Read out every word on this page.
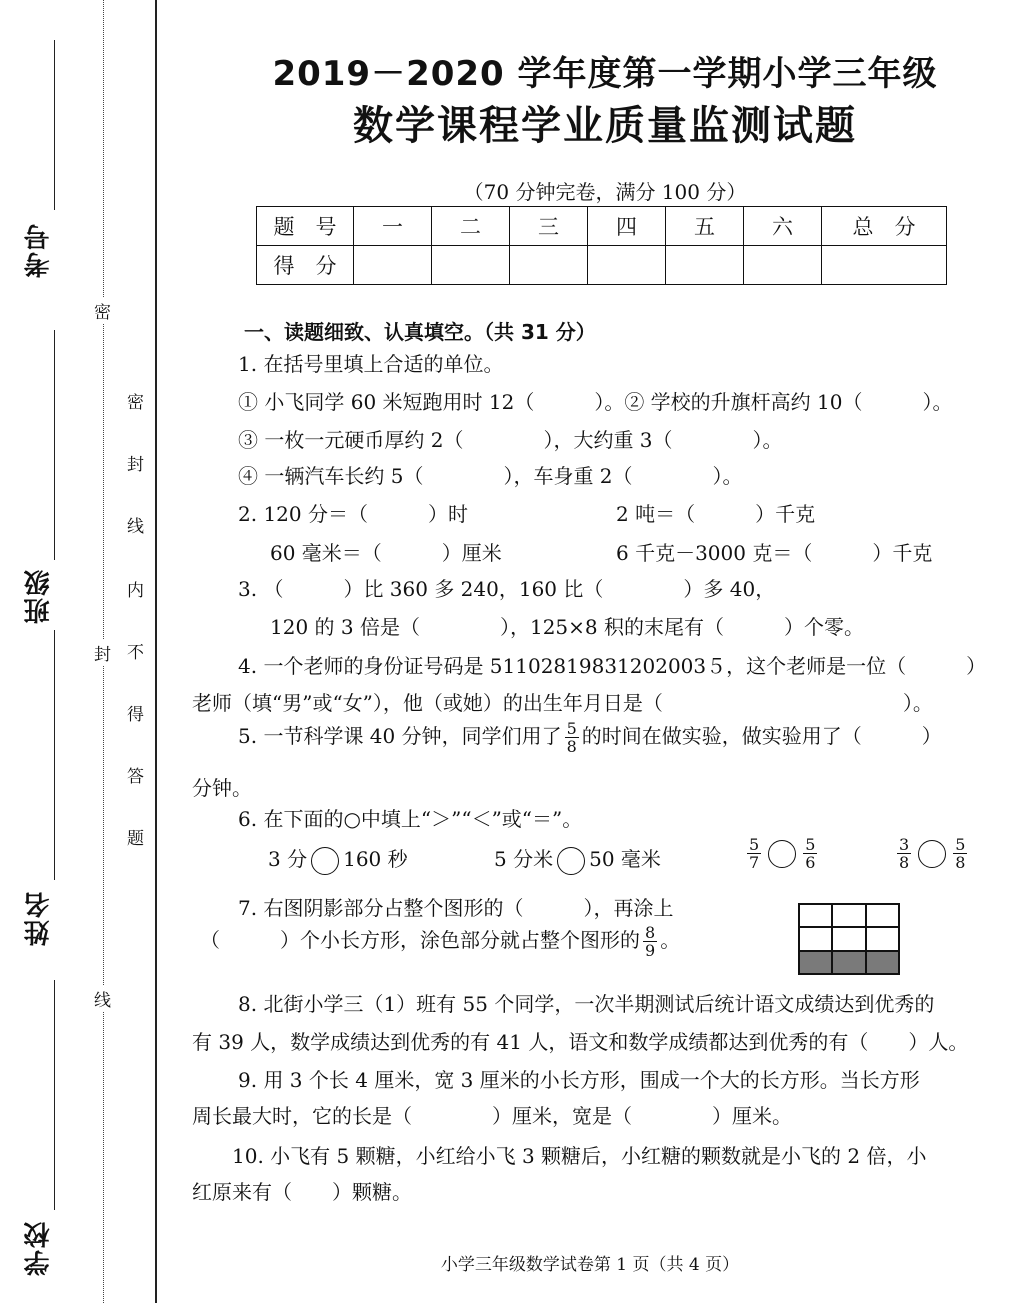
考号
班级
姓名
学校
密
封
线
密
封
线
内
不
得
答
题
2019－2020 学年度第一学期小学三年级
数学课程学业质量监测试题
（70 分钟完卷，满分 100 分）
题　号	一	二	三	四	五	六	总　分
得　分							
一、读题细致、认真填空。（共 31 分）
1. 在括号里填上合适的单位。
① 小飞同学 60 米短跑用时 12（　　　）。② 学校的升旗杆高约 10（　　　）。
③ 一枚一元硬币厚约 2（　　　　），大约重 3（　　　　）。
④ 一辆汽车长约 5（　　　　），车身重 2（　　　　）。
2. 120 分＝（　　　）时	2 吨＝（　　　）千克
60 毫米＝（　　　）厘米	6 千克－3000 克＝（　　　）千克
3. （　　　）比 360 多 240，160 比（　　　　）多 40，
120 的 3 倍是（　　　　），125×8 积的末尾有（　　　）个零。
4. 一个老师的身份证号码是 51102819831202003５，这个老师是一位（　　　）
老师（填“男”或“女”），他（或她）的出生年月日是（　　　　　　　　　　　　）。
5. 一节科学课 40 分钟，同学们用了 $\frac{5}{8}$ 的时间在做实验，做实验用了（　　　）
分钟。
6. 在下面的○中填上“＞”“＜”或“＝”。
3 分 160 秒	5 分米 50 毫米	$\frac{5}{7}$	$\frac{5}{6}$	$\frac{3}{8}$	$\frac{5}{8}$
7. 右图阴影部分占整个图形的（　　　），再涂上
（　　　）个小长方形，涂色部分就占整个图形的 $\frac{8}{9}$ 。
8. 北街小学三（1）班有 55 个同学，一次半期测试后统计语文成绩达到优秀的
有 39 人，数学成绩达到优秀的有 41 人，语文和数学成绩都达到优秀的有（　　）人。
9. 用 3 个长 4 厘米，宽 3 厘米的小长方形，围成一个大的长方形。当长方形
周长最大时，它的长是（　　　　）厘米，宽是（　　　　）厘米。
10. 小飞有 5 颗糖，小红给小飞 3 颗糖后，小红糖的颗数就是小飞的 2 倍，小
红原来有（　　）颗糖。
小学三年级数学试卷第 1 页（共 4 页）
